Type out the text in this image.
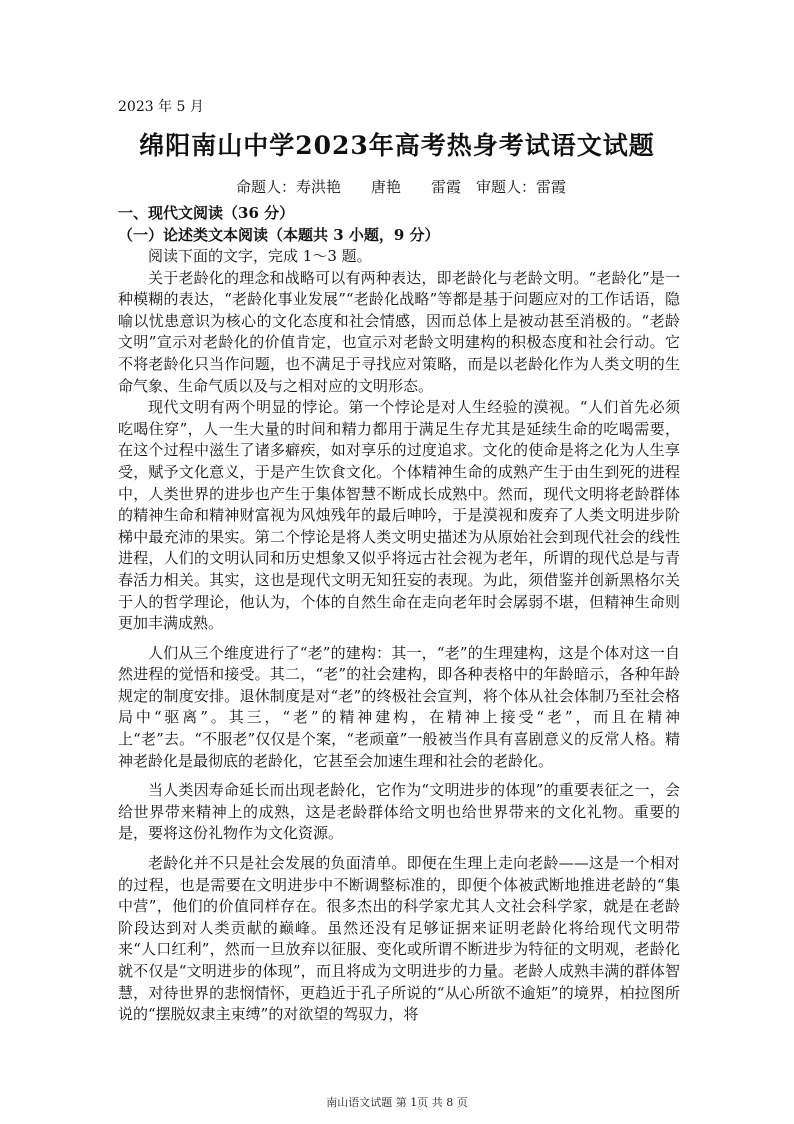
2023 年 5 月
绵阳南山中学2023年高考热身考试语文试题
命题人：寿洪艳　　唐艳　　雷霞　审题人：雷霞
一、现代文阅读（36 分）
（一）论述类文本阅读（本题共 3 小题，9 分）

阅读下面的文字，完成 1～3 题。

关于老龄化的理念和战略可以有两种表达，即老龄化与老龄文明。“老龄化”是一种模糊的表达，“老龄化事业发展”“老龄化战略”等都是基于问题应对的工作话语，隐喻以忧患意识为核心的文化态度和社会情感，因而总体上是被动甚至消极的。“老龄文明”宣示对老龄化的价值肯定，也宣示对老龄文明建构的积极态度和社会行动。它不将老龄化只当作问题，也不满足于寻找应对策略，而是以老龄化作为人类文明的生命气象、生命气质以及与之相对应的文明形态。

现代文明有两个明显的悖论。第一个悖论是对人生经验的漠视。“人们首先必须吃喝住穿”，人一生大量的时间和精力都用于满足生存尤其是延续生命的吃喝需要，在这个过程中滋生了诸多癖疾，如对享乐的过度追求。文化的使命是将之化为人生享受，赋予文化意义，于是产生饮食文化。个体精神生命的成熟产生于由生到死的进程中，人类世界的进步也产生于集体智慧不断成长成熟中。然而，现代文明将老龄群体的精神生命和精神财富视为风烛残年的最后呻吟，于是漠视和废弃了人类文明进步阶梯中最充沛的果实。第二个悖论是将人类文明史描述为从原始社会到现代社会的线性进程，人们的文明认同和历史想象又似乎将远古社会视为老年，所谓的现代总是与青春活力相关。其实，这也是现代文明无知狂妄的表现。为此，须借鉴并创新黑格尔关于人的哲学理论，他认为，个体的自然生命在走向老年时会孱弱不堪，但精神生命则更加丰满成熟。

人们从三个维度进行了“老”的建构：其一，“老”的生理建构，这是个体对这一自然进程的觉悟和接受。其二，“老”的社会建构，即各种表格中的年龄暗示，各种年龄规定的制度安排。退休制度是对“老”的终极社会宣判，将个体从社会体制乃至社会格局中“驱离”。其三，“老”的精神建构，在精神上接受“老”，而且在精神上“老”去。“不服老”仅仅是个案，“老顽童”一般被当作具有喜剧意义的反常人格。精神老龄化是最彻底的老龄化，它甚至会加速生理和社会的老龄化。

当人类因寿命延长而出现老龄化，它作为“文明进步的体现”的重要表征之一，会给世界带来精神上的成熟，这是老龄群体给文明也给世界带来的文化礼物。重要的是，要将这份礼物作为文化资源。

老龄化并不只是社会发展的负面清单。即便在生理上走向老龄——这是一个相对的过程，也是需要在文明进步中不断调整标准的，即便个体被武断地推进老龄的“集中营”，他们的价值同样存在。很多杰出的科学家尤其人文社会科学家，就是在老龄阶段达到对人类贡献的巅峰。虽然还没有足够证据来证明老龄化将给现代文明带来“人口红利”，然而一旦放弃以征服、变化或所谓不断进步为特征的文明观，老龄化就不仅是“文明进步的体现”，而且将成为文明进步的力量。老龄人成熟丰满的群体智慧，对待世界的悲悯情怀，更趋近于孔子所说的“从心所欲不逾矩”的境界，柏拉图所说的“摆脱奴隶主束缚”的对欲望的驾驭力，将

南山语文试题 第 1页 共 8 页
